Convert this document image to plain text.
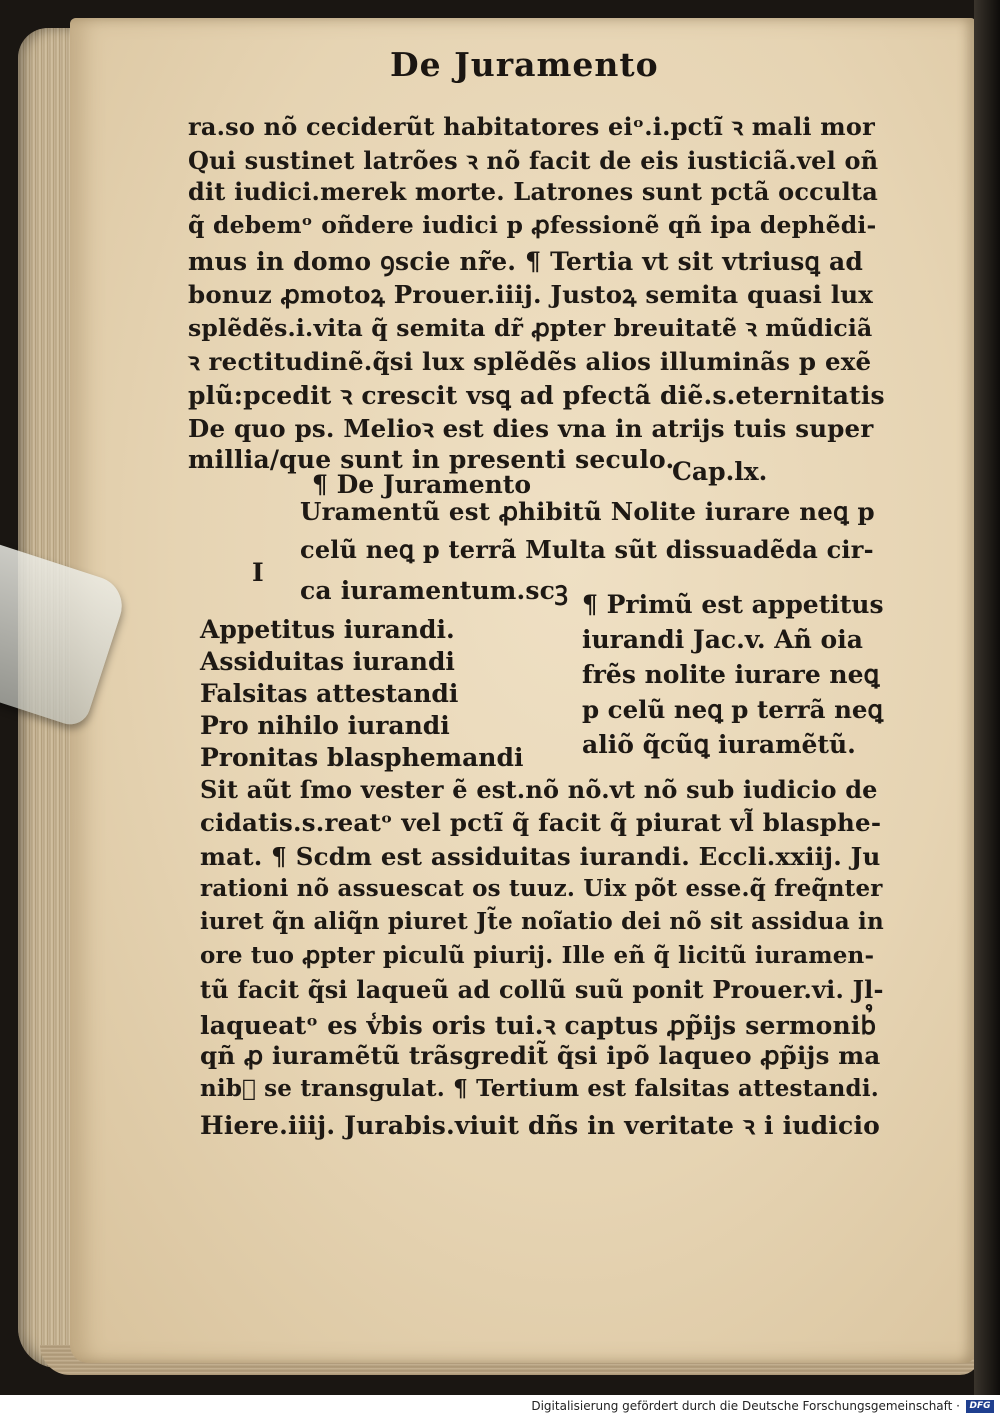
De Juramento
ra.so nõ ceciderũt habitatores eiᵒ.i.pctĩ ꝛ mali mor
Qui sustinet latrões ꝛ nõ facit de eis iusticiã.vel oñ
dit iudici.merek morte. Latrones sunt pctã occulta
q̃ debemᵒ oñdere iudici p ꝓfessionẽ qñ ipa dephẽdi-
mus in domo ꝯscie nr̃e. ¶ Tertia vt sit vtriusꝗ ad
bonuz ꝓmotoꝝ Prouer.iiij. Justoꝝ semita quasi lux
splẽdẽs.i.vita q̃ semita dr̃ ꝓpter breuitatẽ ꝛ mũdiciã
ꝛ rectitudinẽ.q̃si lux splẽdẽs alios illuminãs p exẽ
plũ:pcedit ꝛ crescit vsꝗ ad pfectã diẽ.s.eternitatis
De quo ps. Melioꝛ est dies vna in atrijs tuis super
millia/que sunt in presenti seculo.
¶ De Juramento	Cap.lx.
I
Uramentũ est ꝓhibitũ Nolite iurare neꝗ p
celũ neꝗ p terrã Multa sũt dissuadẽda cir-
ca iuramentum.scꝫ
Appetitus iurandi.
Assiduitas iurandi
Falsitas attestandi
Pro nihilo iurandi
Pronitas blasphemandi
¶ Primũ est appetitus
iurandi Jac.v. Añ oia
frẽs nolite iurare neꝗ
p celũ neꝗ p terrã neꝗ
aliõ q̃cũꝗ iuramẽtũ.
Sit aũt ſmo vester ẽ est.nõ nõ.vt nõ sub iudicio de
cidatis.s.reatᵒ vel pctĩ q̃ facit q̃ piurat vl̃ blasphe-
mat. ¶ Scdm est assiduitas iurandi. Eccli.xxiij. Ju
rationi nõ assuescat os tuuz. Uix põt esse.q̃ freq̃nter
iuret q̃n aliq̃n piuret Jt̃e noĩatio dei nõ sit assidua in
ore tuo ꝓpter piculũ piurij. Ille eñ q̃ licitũ iuramen-
tũ facit q̃si laqueũ ad collũ suũ ponit Prouer.vi. Jl-
laqueatᵒ es v̾bis oris tui.ꝛ captus ꝓp̃ijs sermonib᷒
qñ ꝓ iuramẽtũ trãsgredit̃ q̃si ipõ laqueo ꝓp̃ijs ma
nib᷒ se transgulat. ¶ Tertium est falsitas attestandi.
Hiere.iiij. Jurabis.viuit dñs in veritate ꝛ i iudicio
Digitalisierung gefördert durch die Deutsche Forschungsgemeinschaft ·	DFG
